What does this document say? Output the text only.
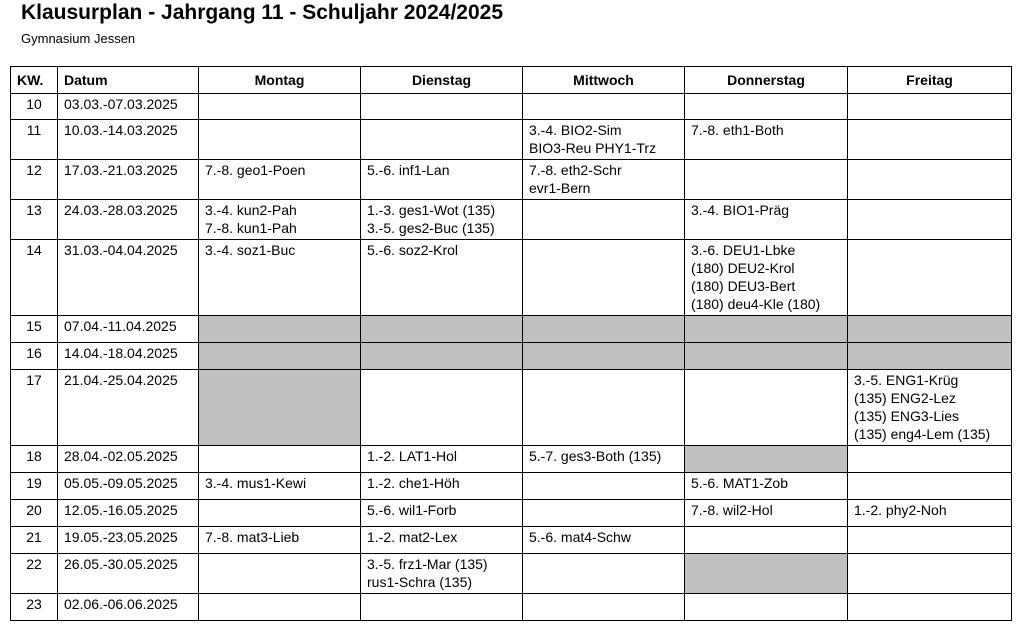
Klausurplan - Jahrgang 11 - Schuljahr 2024/2025
Gymnasium Jessen
KW.	Datum	Montag	Dienstag	Mittwoch	Donnerstag	Freitag
10	03.03.-07.03.2025					
11	10.03.-14.03.2025			3.-4. BIO2-Sim
BIO3-Reu PHY1-Trz	7.-8. eth1-Both	

12	17.03.-21.03.2025	7.-8. geo1-Poen	5.-6. inf1-Lan	7.-8. eth2-Schr
evr1-Bern		

13	24.03.-28.03.2025	3.-4. kun2-Pah
7.-8. kun1-Pah	1.-3. ges1-Wot (135)
3.-5. ges2-Buc (135)		3.-4. BIO1-Präg	

14	31.03.-04.04.2025	3.-4. soz1-Buc	5.-6. soz2-Krol		3.-6. DEU1-Lbke
(180) DEU2-Krol
(180) DEU3-Bert
(180) deu4-Kle (180)	

15	07.04.-11.04.2025					
16	14.04.-18.04.2025					
17	21.04.-25.04.2025					3.-5. ENG1-Krüg
(135) ENG2-Lez
(135) ENG3-Lies
(135) eng4-Lem (135)

18	28.04.-02.05.2025		1.-2. LAT1-Hol	5.-7. ges3-Both (135)		

19	05.05.-09.05.2025	3.-4. mus1-Kewi	1.-2. che1-Höh		5.-6. MAT1-Zob	

20	12.05.-16.05.2025		5.-6. wil1-Forb		7.-8. wil2-Hol	1.-2. phy2-Noh

21	19.05.-23.05.2025	7.-8. mat3-Lieb	1.-2. mat2-Lex	5.-6. mat4-Schw		

22	26.05.-30.05.2025		3.-5. frz1-Mar (135)
rus1-Schra (135)			

23	02.06.-06.06.2025					
